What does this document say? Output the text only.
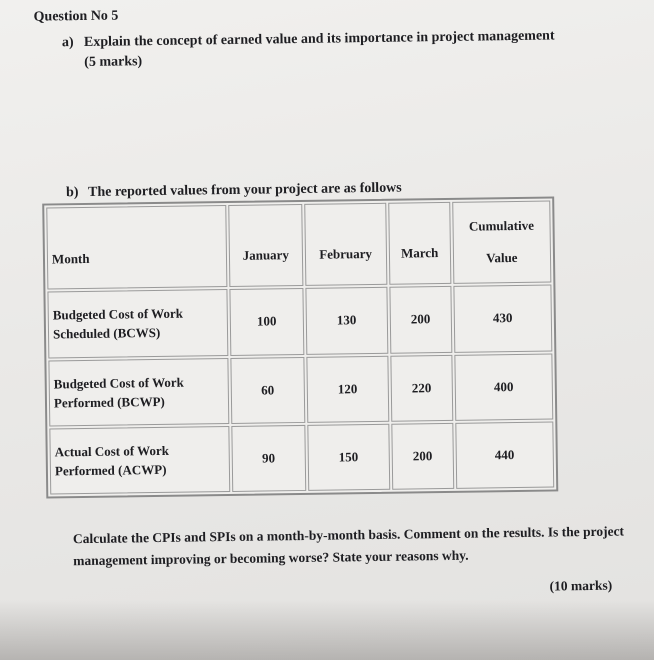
Question No 5
a) Explain the concept of earned value and its importance in project management
(5 marks)
b) The reported values from your project are as follows
Month	January	February	March	Cumulative
Value

Budgeted Cost of Work
Scheduled (BCWS)	100	130	200	430

Budgeted Cost of Work
Performed (BCWP)	60	120	220	400

Actual Cost of Work
Performed (ACWP)	90	150	200	440
Calculate the CPIs and SPIs on a month-by-month basis. Comment on the results. Is the project management improving or becoming worse? State your reasons why.
(10 marks)
